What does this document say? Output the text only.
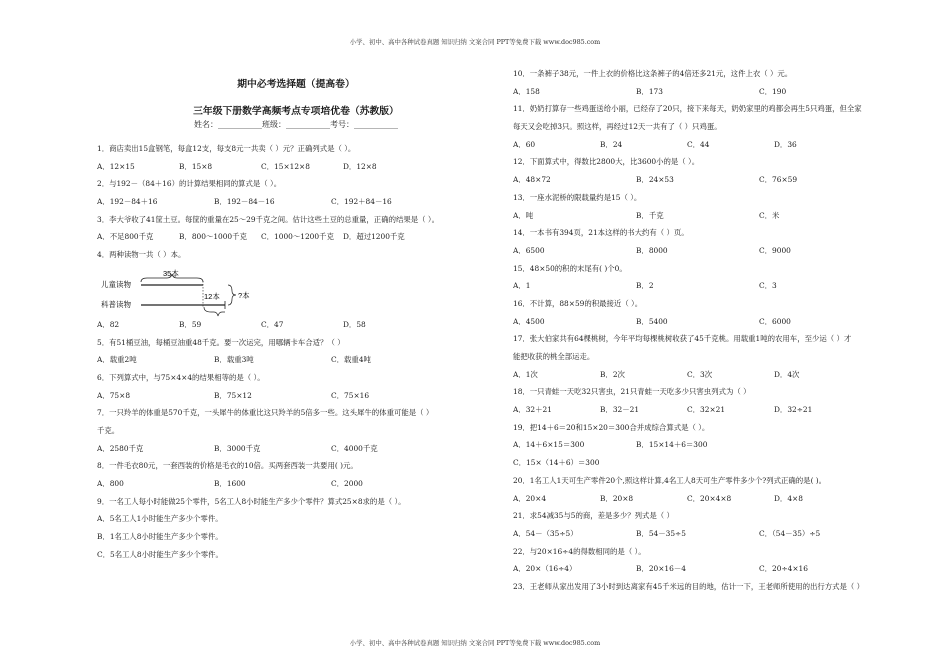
小学、初中、高中各种试卷真题 知识归纳 文案合同 PPT等免费下载 www.doc985.com
期中必考选择题（提高卷）
三年级下册数学高频考点专项培优卷（苏教版）
姓名：___________班级：___________考号：___________
1．商店卖出15盒钢笔，每盒12支，每支8元一共卖（ ）元？正确列式是（ ）。
A．12×15	B．15×8	C．15×12×8	D．12×8
2．与192－（84＋16）的计算结果相同的算式是（ ）。
A．192－84＋16	B．192－84－16	C．192＋84－16
3．李大爷收了41筐土豆。每筐的重量在25～29千克之间。估计这些土豆的总重量，正确的结果是（ ）。
A．不足800千克	B．800～1000千克	C．1000～1200千克	D．超过1200千克
4．两种读物一共（ ）本。
35本
12本 ?本
儿童读物
科普读物
A．82	B．59	C．47	D．58
5．有51桶豆油，每桶豆油重48千克。要一次运完，用哪辆卡车合适？（ ）
A．载重2吨	B．载重3吨	C．载重4吨
6．下列算式中，与75×4×4的结果相等的是（ ）。
A．75×8	B．75×12	C．75×16
7．一只羚羊的体重是570千克，一头犀牛的体重比这只羚羊的5倍多一些。这头犀牛的体重可能是（ ）
千克。
A．2580千克	B．3000千克	C．4000千克
8．一件毛衣80元，一套西装的价格是毛衣的10倍。买两套西装一共要用( )元。
A．800	B．1600	C．2000
9．一名工人每小时能做25个零件，5名工人8小时能生产多少个零件？算式25×8求的是（ ）。
A．5名工人1小时能生产多少个零件。
B．1名工人8小时能生产多少个零件。
C．5名工人8小时能生产多少个零件。
10．一条裤子38元，一件上衣的价格比这条裤子的4倍还多21元，这件上衣（ ）元。
A．158	B．173	C．190
11．奶奶打算存一些鸡蛋送给小丽，已经存了20只，接下来每天，奶奶家里的鸡都会再生5只鸡蛋，但全家
每天又会吃掉3只。照这样，再经过12天一共有了（ ）只鸡蛋。
A．60	B．24	C．44	D．36
12．下面算式中，得数比2800大，比3600小的是（ ）。
A．48×72	B．24×53	C．76×59
13．一座水泥桥的限载量约是15（ ）。
A．吨	B．千克	C．米
14．一本书有394页，21本这样的书大约有（ ）页。
A．6500	B．8000	C．9000
15．48×50的积的末尾有( )个0。
A．1	B．2	C．3
16．不计算，88×59的积最接近（ ）。
A．4500	B．5400	C．6000
17．张大伯家共有64棵桃树，今年平均每棵桃树收获了45千克桃。用载重1吨的农用车，至少运（ ）才
能把收获的桃全部运走。
A．1次	B．2次	C．3次	D．4次
18．一只青蛙一天吃32只害虫，21只青蛙一天吃多少只害虫列式为（ ）
A．32＋21	B．32－21	C．32×21	D．32÷21
19．把14＋6＝20和15×20＝300合并成综合算式是（ ）。
A．14＋6×15＝300	B．15×14＋6＝300
C．15×（14＋6）＝300
20．1名工人1天可生产零件20个,照这样计算,4名工人8天可生产零件多少个?列式正确的是( )。
A．20×4	B．20×8	C．20×4×8	D．4×8
21．求54减35与5的商，差是多少？列式是（ ）
A．54－（35÷5）	B．54－35÷5	C．（54－35）÷5
22．与20×16÷4的得数相同的是（ ）。
A．20×（16÷4）	B．20×16－4	C．20÷4×16
23．王老师从家出发用了3小时到达离家有45千米远的目的地，估计一下，王老师所使用的出行方式是（ ）
小学、初中、高中各种试卷真题 知识归纳 文案合同 PPT等免费下载 www.doc985.com
